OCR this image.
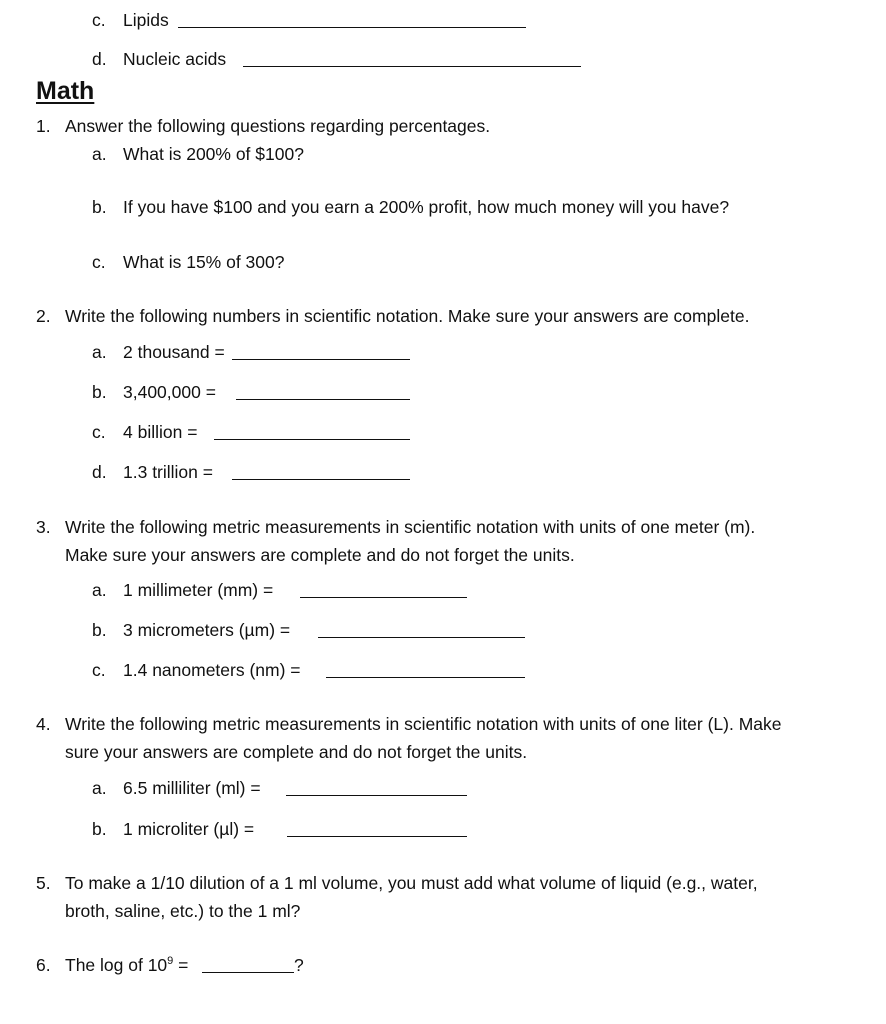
c. Lipids
d. Nucleic acids
Math
1. Answer the following questions regarding percentages.
a. What is 200% of $100?
b. If you have $100 and you earn a 200% profit, how much money will you have?
c. What is 15% of 300?
2. Write the following numbers in scientific notation. Make sure your answers are complete.
a. 2 thousand =
b. 3,400,000 =
c. 4 billion =
d. 1.3 trillion =
3. Write the following metric measurements in scientific notation with units of one meter (m).
Make sure your answers are complete and do not forget the units.
a. 1 millimeter (mm) =
b. 3 micrometers (µm) =
c. 1.4 nanometers (nm) =
4. Write the following metric measurements in scientific notation with units of one liter (L). Make
sure your answers are complete and do not forget the units.
a. 6.5 milliliter (ml) =
b. 1 microliter (µl) =
5. To make a 1/10 dilution of a 1 ml volume, you must add what volume of liquid (e.g., water,
broth, saline, etc.) to the 1 ml?
6. The log of $10^9$ =	?
